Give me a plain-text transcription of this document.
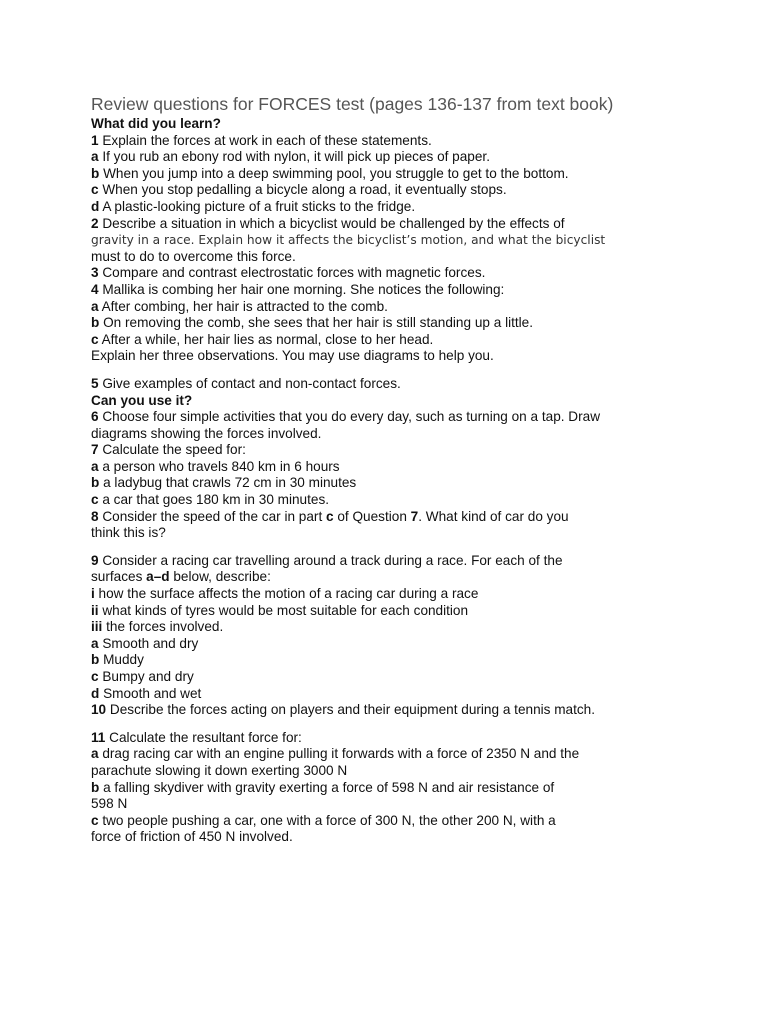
Review questions for FORCES test (pages 136-137 from text book)

What did you learn?

1 Explain the forces at work in each of these statements.

a If you rub an ebony rod with nylon, it will pick up pieces of paper.

b When you jump into a deep swimming pool, you struggle to get to the bottom.

c When you stop pedalling a bicycle along a road, it eventually stops.

d A plastic-looking picture of a fruit sticks to the fridge.

2 Describe a situation in which a bicyclist would be challenged by the effects of

gravity in a race. Explain how it affects the bicyclist’s motion, and what the bicyclist

must to do to overcome this force.

3 Compare and contrast electrostatic forces with magnetic forces.

4 Mallika is combing her hair one morning. She notices the following:

a After combing, her hair is attracted to the comb.

b On removing the comb, she sees that her hair is still standing up a little.

c After a while, her hair lies as normal, close to her head.

Explain her three observations. You may use diagrams to help you.

5 Give examples of contact and non-contact forces.

Can you use it?

6 Choose four simple activities that you do every day, such as turning on a tap. Draw

diagrams showing the forces involved.

7 Calculate the speed for:

a a person who travels 840 km in 6 hours

b a ladybug that crawls 72 cm in 30 minutes

c a car that goes 180 km in 30 minutes.

8 Consider the speed of the car in part c of Question 7. What kind of car do you

think this is?

9 Consider a racing car travelling around a track during a race. For each of the

surfaces a–d below, describe:

i how the surface affects the motion of a racing car during a race

ii what kinds of tyres would be most suitable for each condition

iii the forces involved.

a Smooth and dry

b Muddy

c Bumpy and dry

d Smooth and wet

10 Describe the forces acting on players and their equipment during a tennis match.

11 Calculate the resultant force for:

a drag racing car with an engine pulling it forwards with a force of 2350 N and the

parachute slowing it down exerting 3000 N

b a falling skydiver with gravity exerting a force of 598 N and air resistance of

598 N

c two people pushing a car, one with a force of 300 N, the other 200 N, with a

force of friction of 450 N involved.
